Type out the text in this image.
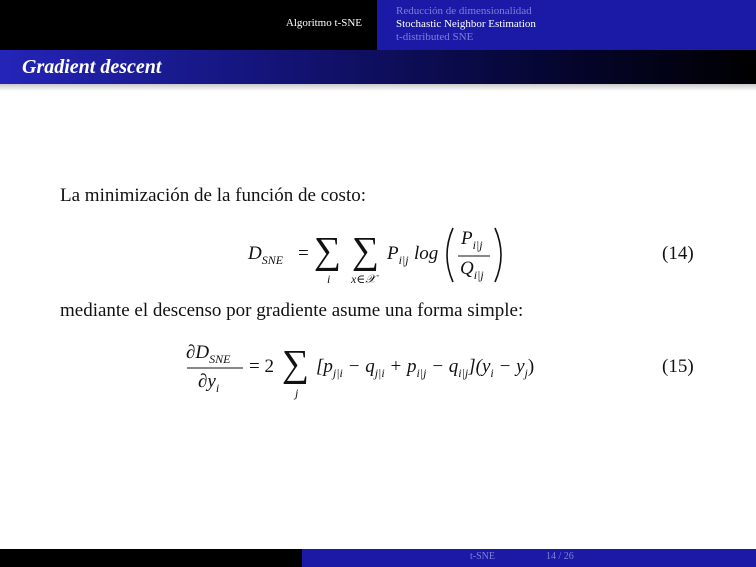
Algoritmo t-SNE
Reducción de dimensionalidad
Stochastic Neighbor Estimation
t-distributed SNE
Gradient descent
La minimización de la función de costo:
$D_{SNE}$ = ∑
i
∑
x∈𝒳
$P_{i|j}$ log
$P_{i|j}$
$Q_{i|j}$
(14)
mediante el descenso por gradiente asume una forma simple:
$\partial D_{SNE}$
$\partial y_i$
= 2 ∑
j
$[p_{j|i} - q_{j|i} + p_{i|j} - q_{i|j}](y_i - y_j)$	(15)
t-SNE	14 / 26
